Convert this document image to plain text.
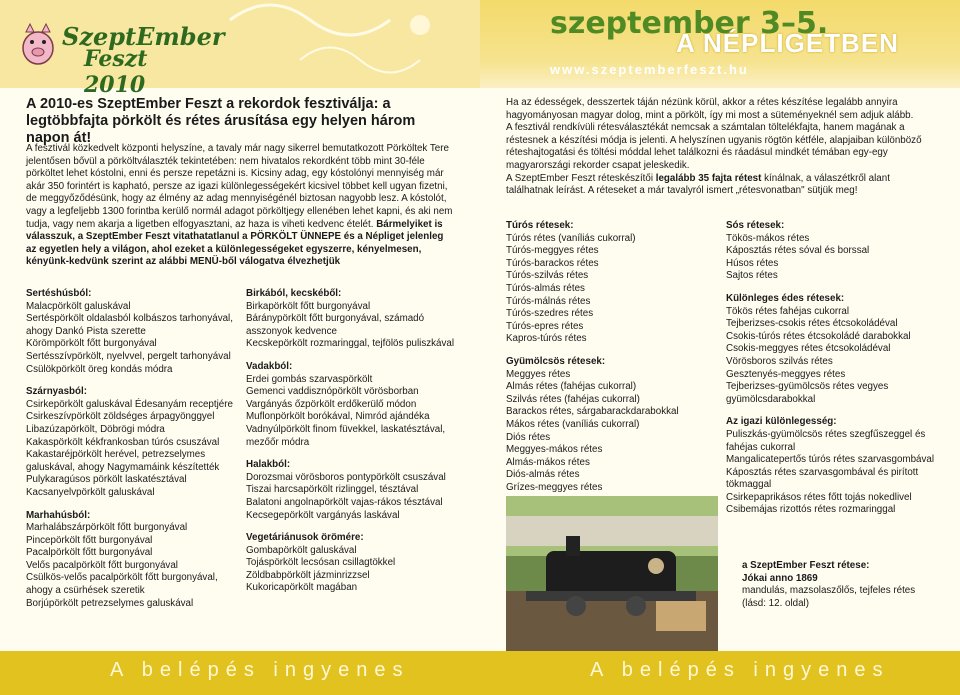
SzeptEmber
Feszt 2010
A 2010-es SzeptEmber Feszt a rekordok fesztiválja: a legtöbbfajta pörkölt és rétes árusítása egy helyen három napon át!
A fesztivál közkedvelt központi helyszíne, a tavaly már nagy sikerrel bemutatkozott Pörköltek Tere jelentősen bővül a pörköltválaszték tekintetében: nem hivatalos rekordként több mint 30-féle pörköltet lehet kóstolni, enni és persze repetázni is. Kicsiny adag, egy kóstolónyi mennyiség már akár 350 forintért is kapható, persze az igazi különlegességekért kicsivel többet kell ugyan fizetni, de meggyőződésünk, hogy az élmény az adag mennyiségénél biztosan nagyobb lesz. A kóstolót, vagy a legfeljebb 1300 forintba kerülő normál adagot pörköltjegy ellenében lehet kapni, és aki nem tudja, vagy nem akarja a ligetben elfogyasztani, az haza is viheti kedvenc ételét. Bármelyiket is válasszuk, a SzeptEmber Feszt vitathatatlanul a PÖRKÖLT ÜNNEPE és a Népliget jelenleg az egyetlen hely a világon, ahol ezeket a különlegességeket egyszerre, kényelmesen, kényünk-kedvünk szerint az alábbi MENÜ-ből válogatva élvezhetjük
Sertéshúsból:
Malacpörkölt galuskával
Sertéspörkölt oldalasból kolbászos tarhonyával, ahogy Dankó Pista szerette
Körömpörkölt főtt burgonyával
Sertésszívpörkölt, nyelvvel, pergelt tarhonyával
Csülökpörkölt öreg kondás módra
Szárnyasból:
Csirkepörkölt galuskával Édesanyám receptjére
Csirkeszívpörkölt zöldséges árpagyönggyel
Libazúzapörkölt, Döbrögi módra
Kakaspörkölt kékfrankosban túrós csuszával
Kakastaréjpörkölt herével, petrezselymes galuskával, ahogy Nagymamáink készítették
Pulykaragúsos pörkölt laskatésztával
Kacsanyelvpörkölt galuskával
Marhahúsból:
Marhalábszárpörkölt főtt burgonyával
Pincepörkölt főtt burgonyával
Pacalpörkölt főtt burgonyával
Velős pacalpörkölt főtt burgonyával
Csülkös-velős pacalpörkölt főtt burgonyával, ahogy a csürhések szeretik
Borjúpörkölt petrezselymes galuskával
Birkából, kecskéből:
Birkapörkölt főtt burgonyával
Báránypörkölt főtt burgonyával, számadó asszonyok kedvence
Kecskepörkölt rozmaringgal, tejfölös puliszkával
Vadakból:
Erdei gombás szarvaspörkölt
Gemenci vaddisznópörkölt vörösborban
Vargányás őzpörkölt erdőkerülő módon
Muflonpörkölt borókával, Nimród ajándéka
Vadnyúlpörkölt finom füvekkel, laskatésztával, mezőőr módra
Halakból:
Dorozsmai vörösboros pontypörkölt csuszával
Tiszai harcsapörkölt rizlinggel, tésztával
Balatoni angolnapörkölt vajas-rákos tésztával
Kecsegepörkölt vargányás laskával
Vegetáriánusok örömére:
Gombapörkölt galuskával
Tojáspörkölt lecsósan csillagtökkel
Zöldbabpörkölt jázminrizzsel
Kukoricapörkölt magában
A belépés ingyenes
szeptember 3–5.
A NÉPLIGETBEN
www.szeptemberfeszt.hu
Ha az édességek, desszertek táján nézünk körül, akkor a rétes készítése legalább annyira hagyományosan magyar dolog, mint a pörkölt, így mi most a süteményeknél sem adjuk alább.
A fesztivál rendkívüli rétesválasztékát nemcsak a számtalan töltelékfajta, hanem magának a réstesnek a készítési módja is jelenti. A helyszínen ugyanis rögtön kétféle, alapjaiban különböző réteshajtogatási és töltési móddal lehet találkozni és ráadásul mindkét témában egy-egy magyarországi rekorder csapat jeleskedik.
A SzeptEmber Feszt réteskészítői legalább 35 fajta rétest kínálnak, a válaszétkről alant találhatnak leírást. A réteseket a már tavalyról ismert „rétesvonatban" sütjük meg!
Túrós rétesek:
Túrós rétes (vaníliás cukorral)
Túrós-meggyes rétes
Túrós-barackos rétes
Túrós-szilvás rétes
Túrós-almás rétes
Túrós-málnás rétes
Túrós-szedres rétes
Túrós-epres rétes
Kapros-túrós rétes
Gyümölcsös rétesek:
Meggyes rétes
Almás rétes (fahéjas cukorral)
Szilvás rétes (fahéjas cukorral)
Barackos rétes, sárgabarackdarabokkal
Mákos rétes (vaníliás cukorral)
Diós rétes
Meggyes-mákos rétes
Almás-mákos rétes
Diós-almás rétes
Grízes-meggyes rétes
Sós rétesek:
Tökös-mákos rétes
Káposztás rétes sóval és borssal
Húsos rétes
Sajtos rétes
Különleges édes rétesek:
Tökös rétes fahéjas cukorral
Tejberizses-csokis rétes étcsokoládéval
Csokis-túrós rétes étcsokoládé darabokkal
Csokis-meggyes rétes étcsokoládéval
Vörösboros szilvás rétes
Gesztenyés-meggyes rétes
Tejberizses-gyümölcsös rétes vegyes gyümölcsdarabokkal
Az igazi különlegesség:
Puliszkás-gyümölcsös rétes szegfűszeggel és fahéjas cukorral
Mangalicatepertős túrós rétes szarvasgombával
Káposztás rétes szarvasgombával és pirított tökmaggal
Csirkepaprikásos rétes főtt tojás nokedlivel
Csibemájas rizottós rétes rozmaringgal
a SzeptEmber Feszt rétese:
Jókai anno 1869
mandulás, mazsolaszőlős, tejfeles rétes
(lásd: 12. oldal)
A belépés ingyenes
